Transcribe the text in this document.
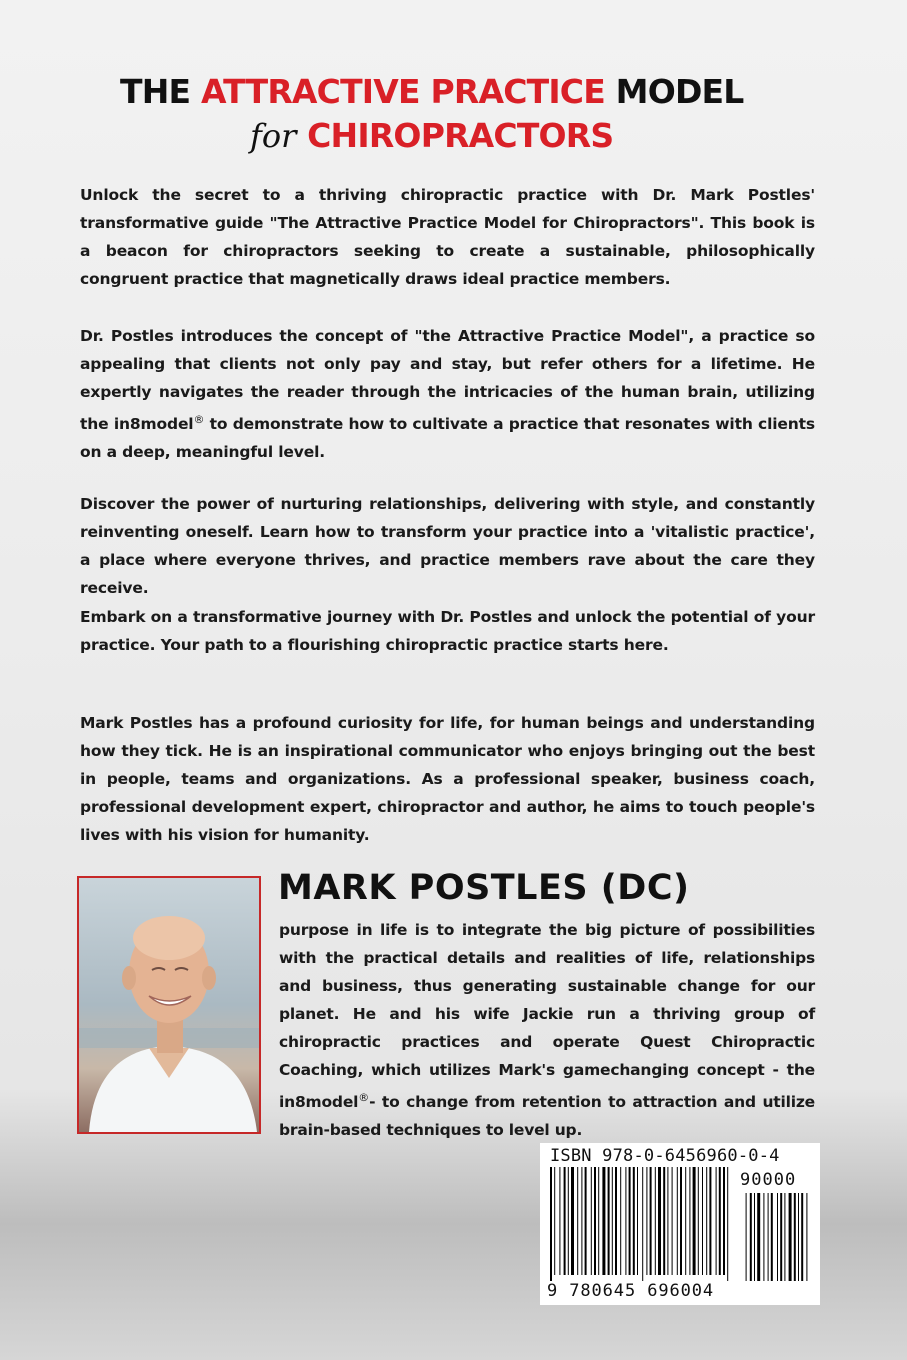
THE ATTRACTIVE PRACTICE MODEL
for CHIROPRACTORS
Unlock the secret to a thriving chiropractic practice with Dr. Mark Postles' transformative guide "The Attractive Practice Model for Chiropractors". This book is a beacon for chiropractors seeking to create a sustainable, philosophically congruent practice that magnetically draws ideal practice members.
Dr. Postles introduces the concept of "the Attractive Practice Model", a practice so appealing that clients not only pay and stay, but refer others for a lifetime. He expertly navigates the reader through the intricacies of the human brain, utilizing the in8model® to demonstrate how to cultivate a practice that resonates with clients on a deep, meaningful level.
Discover the power of nurturing relationships, delivering with style, and constantly reinventing oneself. Learn how to transform your practice into a 'vitalistic practice', a place where everyone thrives, and practice members rave about the care they receive.
Embark on a transformative journey with Dr. Postles and unlock the potential of your practice. Your path to a flourishing chiropractic practice starts here.
Mark Postles has a profound curiosity for life, for human beings and understanding how they tick. He is an inspirational communicator who enjoys bringing out the best in people, teams and organizations. As a professional speaker, business coach, professional development expert, chiropractor and author, he aims to touch people's lives with his vision for humanity.
MARK POSTLES (DC)
purpose in life is to integrate the big picture of possibilities with the practical details and realities of life, relationships and business, thus generating sustainable change for our planet. He and his wife Jackie run a thriving group of chiropractic practices and operate Quest Chiropractic Coaching, which utilizes Mark's gamechanging concept - the in8model®- to change from retention to attraction and utilize brain-based techniques to level up.
ISBN 978-0-6456960-0-4
90000
9 780645 696004
